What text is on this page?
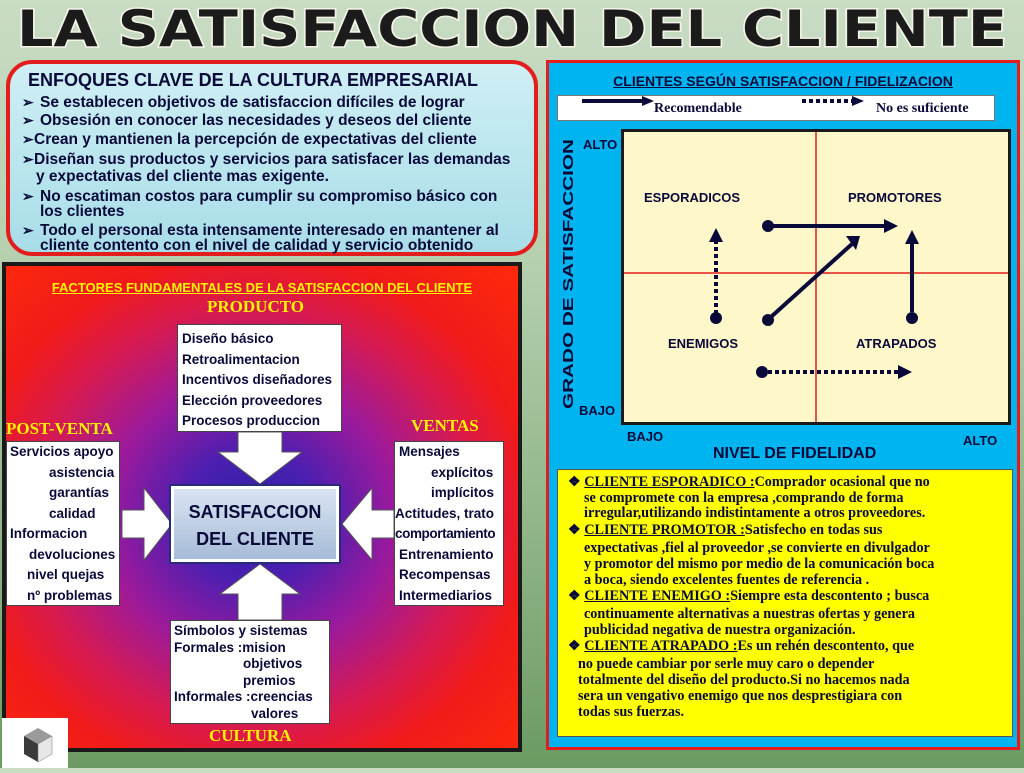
LA SATISFACCION DEL CLIENTE
ENFOQUES CLAVE DE LA CULTURA EMPRESARIAL
➢ Se establecen objetivos de satisfaccion difíciles de lograr
➢ Obsesión en conocer las necesidades y deseos del cliente
➢Crean y mantienen la percepción de expectativas del cliente
➢Diseñan sus productos y servicios para satisfacer las demandas
y expectativas del cliente mas exigente.
➢ No escatiman costos para cumplir su compromiso básico con
los clientes
➢ Todo el personal esta intensamente interesado en mantener al
cliente contento con el nivel de calidad y servicio obtenido
FACTORES FUNDAMENTALES DE LA SATISFACCION DEL CLIENTE
PRODUCTO
Diseño básico
Retroalimentacion
Incentivos diseñadores
Elección proveedores
Procesos produccion
POST-VENTA
Servicios apoyo
asistencia
garantías
calidad
Informacion
devoluciones
nivel quejas
nº problemas
VENTAS
Mensajes
explícitos
implícitos
Actitudes, trato
comportamiento
Entrenamiento
Recompensas
Intermediarios
SATISFACCION
DEL CLIENTE
Símbolos y sistemas
Formales :mision
objetivos
premios
Informales :creencias
valores
CULTURA
CLIENTES SEGÚN SATISFACCION / FIDELIZACION
Recomendable	No es suficiente
GRADO DE SATISFACCION
ALTO
BAJO
ESPORADICOS	PROMOTORES
ENEMIGOS	ATRAPADOS
BAJO	ALTO
NIVEL DE FIDELIDAD
❖ CLIENTE ESPORADICO :Comprador ocasional que no
se compromete con la empresa ,comprando de forma
irregular,utilizando indistintamente a otros proveedores.
❖ CLIENTE PROMOTOR :Satisfecho en todas sus
expectativas ,fiel al proveedor ,se convierte en divulgador
y promotor del mismo por medio de la comunicación boca
a boca, siendo excelentes fuentes de referencia .
❖ CLIENTE ENEMIGO :Siempre esta descontento ; busca
continuamente alternativas a nuestras ofertas y genera
publicidad negativa de nuestra organización.
❖ CLIENTE ATRAPADO :Es un rehén descontento, que
no puede cambiar por serle muy caro o depender
totalmente del diseño del producto.Si no hacemos nada
sera un vengativo enemigo que nos desprestigiara con
todas sus fuerzas.
